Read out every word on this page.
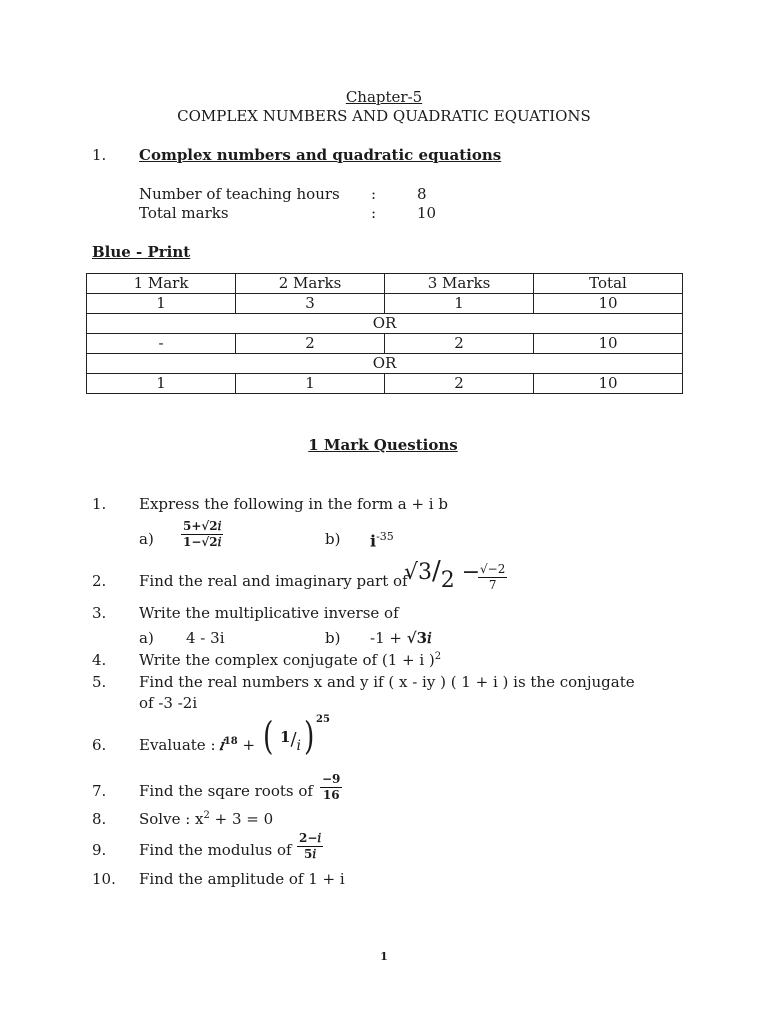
Chapter-5
COMPLEX NUMBERS AND QUADRATIC EQUATIONS
1. Complex numbers and quadratic equations
Number of teaching hours :	8
Total marks	:	10
Blue - Print
1 Mark	2 Marks	3 Marks	Total
1	3	1	10
OR			
-	2	2	10
OR			
1	1	2	10
1 Mark Questions
1. Express the following in the form a + i b
$a) \frac{\text{5+√2𝑖}}{\text{1−√2𝑖}}$	b) $i^{-35}$
2. Find the real and imaginary part of
√3/2 −
$\frac{√-2}{7}$
3. Write the multiplicative inverse of
a) 4 - 3i	b) -1 + √3𝑖
4. Write the complex conjugate of (1 + i )$^2$
5. Find the real numbers x and y if ( x - iy ) ( 1 + i ) is the conjugate
of -3 -2i
6. Evaluate : 𝑖$^{18}$ + ( 1/𝑖 ) 25
7. Find the sqare roots of $\frac{-9}{16}$
8. Solve : $x^2 + 3 = 0$
9. Find the modulus of $\frac{\text{2−𝑖}}{\text{5𝑖}}$
10. Find the amplitude of 1 + i
1
